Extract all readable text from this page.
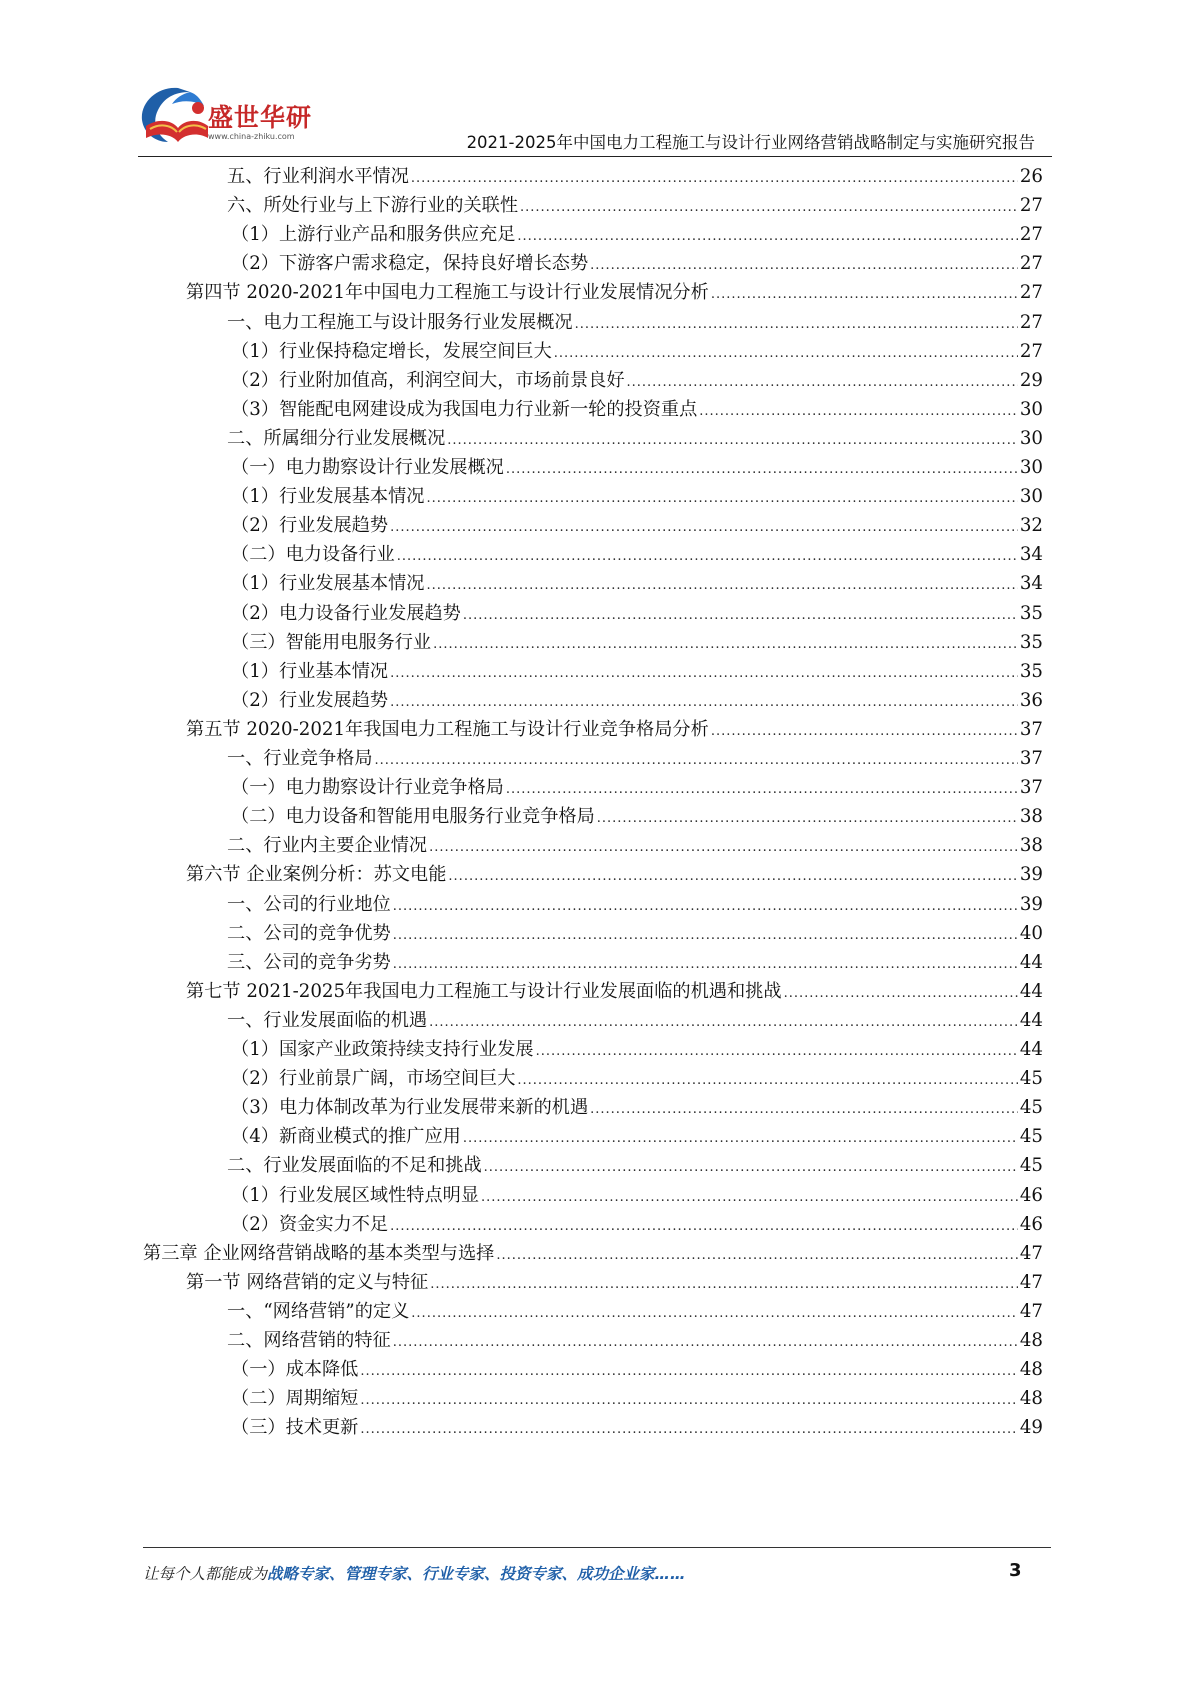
盛世华研
www.china-zhiku.com	2021-2025年中国电力工程施工与设计行业网络营销战略制定与实施研究报告
五、行业利润水平情况 .....	26
六、所处行业与上下游行业的关联性 .....	27
（1）上游行业产品和服务供应充足 .....	27
（2）下游客户需求稳定，保持良好增长态势 .....	27
第四节 2020-2021年中国电力工程施工与设计行业发展情况分析 .....	27
一、电力工程施工与设计服务行业发展概况 .....	27
（1）行业保持稳定增长，发展空间巨大 .....	27
（2）行业附加值高，利润空间大，市场前景良好 .....	29
（3）智能配电网建设成为我国电力行业新一轮的投资重点 .....	30
二、所属细分行业发展概况 .....	30
（一）电力勘察设计行业发展概况 .....	30
（1）行业发展基本情况 .....	30
（2）行业发展趋势 .....	32
（二）电力设备行业 .....	34
（1）行业发展基本情况 .....	34
（2）电力设备行业发展趋势 .....	35
（三）智能用电服务行业 .....	35
（1）行业基本情况 .....	35
（2）行业发展趋势 .....	36
第五节 2020-2021年我国电力工程施工与设计行业竞争格局分析 .....	37
一、行业竞争格局 .....	37
（一）电力勘察设计行业竞争格局 .....	37
（二）电力设备和智能用电服务行业竞争格局 .....	38
二、行业内主要企业情况 .....	38
第六节 企业案例分析：苏文电能 .....	39
一、公司的行业地位 .....	39
二、公司的竞争优势 .....	40
三、公司的竞争劣势 .....	44
第七节 2021-2025年我国电力工程施工与设计行业发展面临的机遇和挑战 .....	44
一、行业发展面临的机遇 .....	44
（1）国家产业政策持续支持行业发展 .....	44
（2）行业前景广阔，市场空间巨大 .....	45
（3）电力体制改革为行业发展带来新的机遇 .....	45
（4）新商业模式的推广应用 .....	45
二、行业发展面临的不足和挑战 .....	45
（1）行业发展区域性特点明显 .....	46
（2）资金实力不足 .....	46
第三章 企业网络营销战略的基本类型与选择 .....	47
第一节 网络营销的定义与特征 .....	47
一、“网络营销”的定义 .....	47
二、网络营销的特征 .....	48
（一）成本降低 .....	48
（二）周期缩短 .....	48
（三）技术更新 .....	49
让每个人都能成为战略专家、管理专家、行业专家、投资专家、成功企业家……	3
